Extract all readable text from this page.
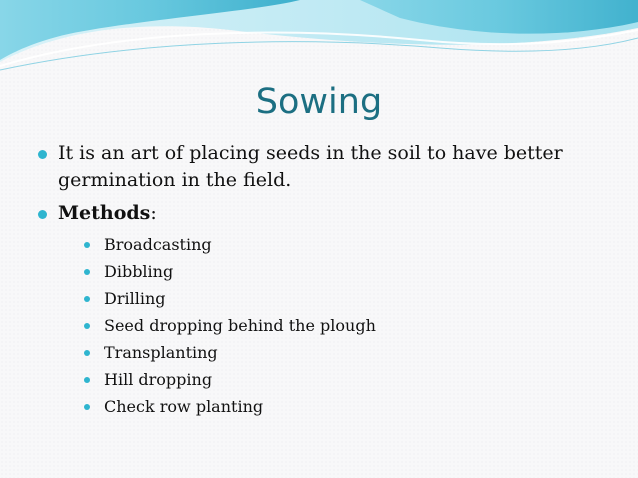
Sowing
It is an art of placing seeds in the soil to have better germination in the field.
Methods:
Broadcasting
Dibbling
Drilling
Seed dropping behind the plough
Transplanting
Hill dropping
Check row planting
